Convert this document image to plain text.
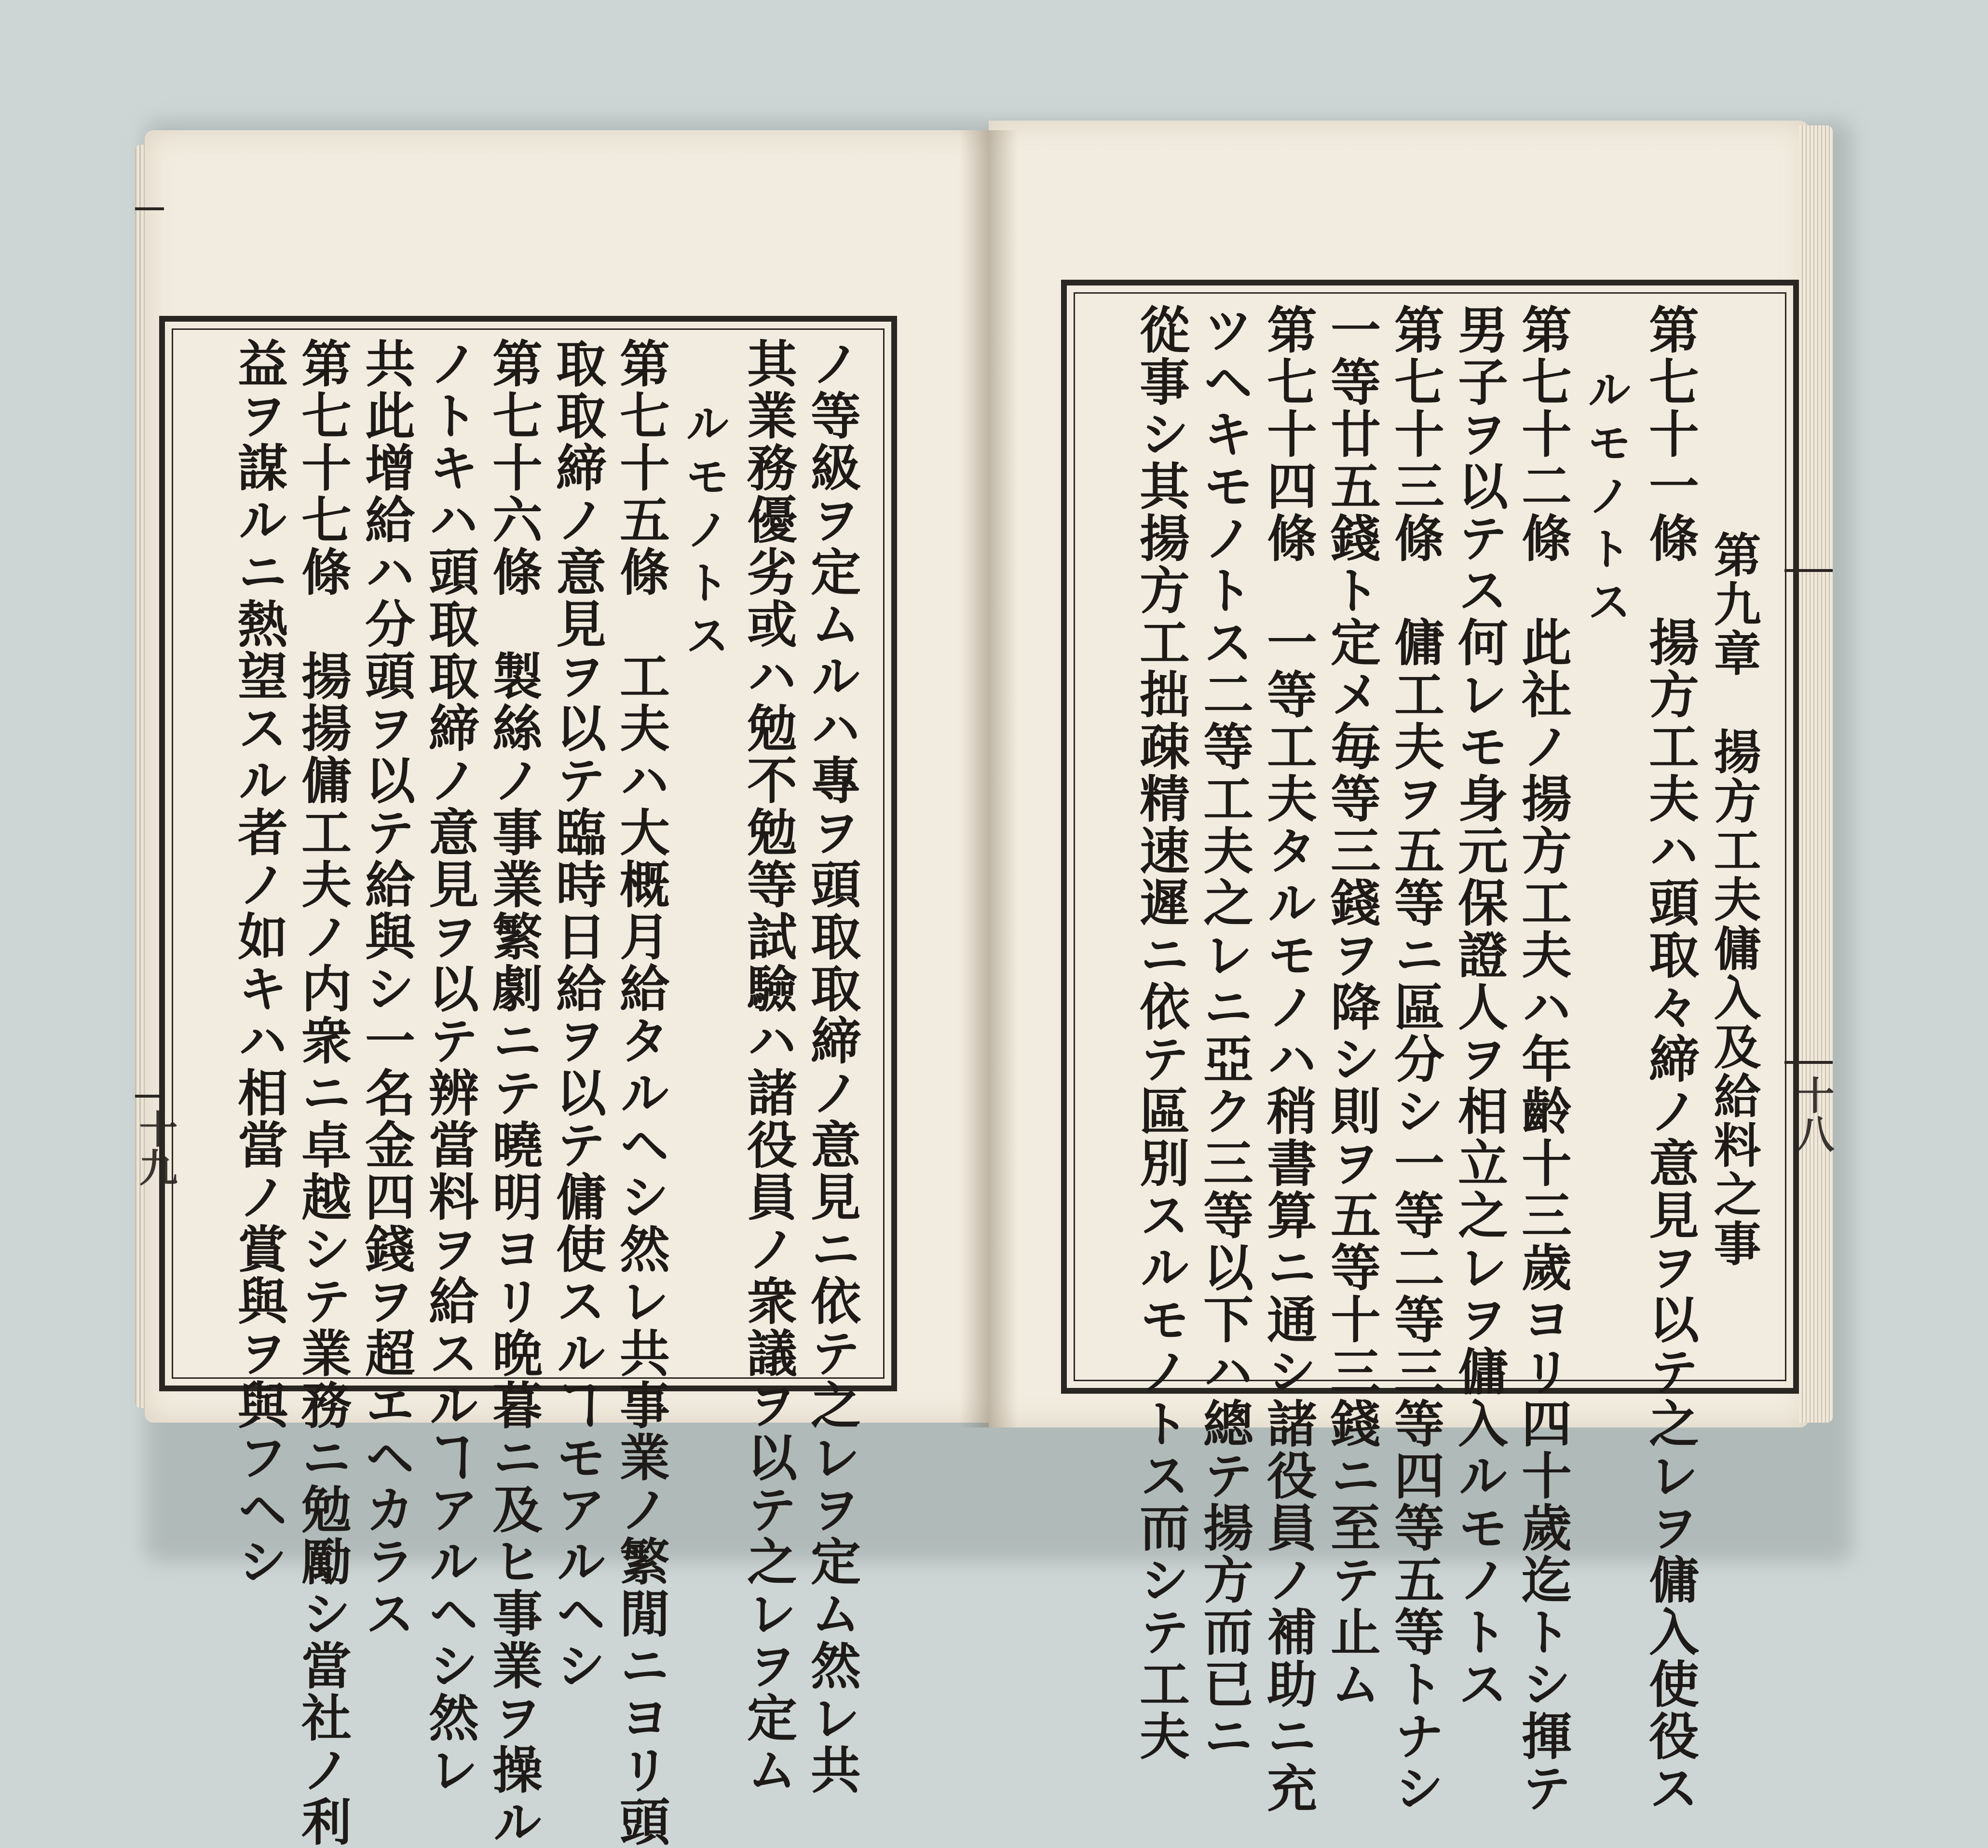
十九	十八
ノ等級ヲ定ムルハ專ヲ頭取取締ノ意見ニ依テ之レヲ定ム然レ共
其業務優劣或ハ勉不勉等試驗ハ諸役員ノ衆議ヲ以テ之レヲ定ム
ルモノトス
第七十五條　工夫ハ大概月給タルヘシ然レ共事業ノ繁閒ニヨリ頭
取取締ノ意見ヲ以テ臨時日給ヲ以テ傭使スルヿモアルヘシ
第七十六條　製絲ノ事業繁劇ニテ曉明ヨリ晩暮ニ及ヒ事業ヲ操ル
ノトキハ頭取取締ノ意見ヲ以テ辨當料ヲ給スルヿアルヘシ然レ
共此增給ハ分頭ヲ以テ給與シ一名金四錢ヲ超エヘカラス
第七十七條　揚揚傭工夫ノ内衆ニ卓越シテ業務ニ勉勵シ當社ノ利
益ヲ謀ルニ熱望スル者ノ如キハ相當ノ賞與ヲ與フヘシ	第九章　揚方工夫傭入及給料之事
第七十一條　揚方工夫ハ頭取々締ノ意見ヲ以テ之レヲ傭入使役ス
ルモノトス
第七十二條　此社ノ揚方工夫ハ年齡十三歲ヨリ四十歲迄トシ揮テ
男子ヲ以テス何レモ身元保證人ヲ相立之レヲ傭入ルモノトス
第七十三條　傭工夫ヲ五等ニ區分シ一等二等三等四等五等トナシ
一等廿五錢ト定メ毎等三錢ヲ降シ則ヲ五等十三錢ニ至テ止ム
第七十四條　一等工夫タルモノハ稍書算ニ通シ諸役員ノ補助ニ充
ツヘキモノトス二等工夫之レニ亞ク三等以下ハ總テ揚方而已ニ
從事シ其揚方工拙疎精速遲ニ依テ區別スルモノトス而シテ工夫
